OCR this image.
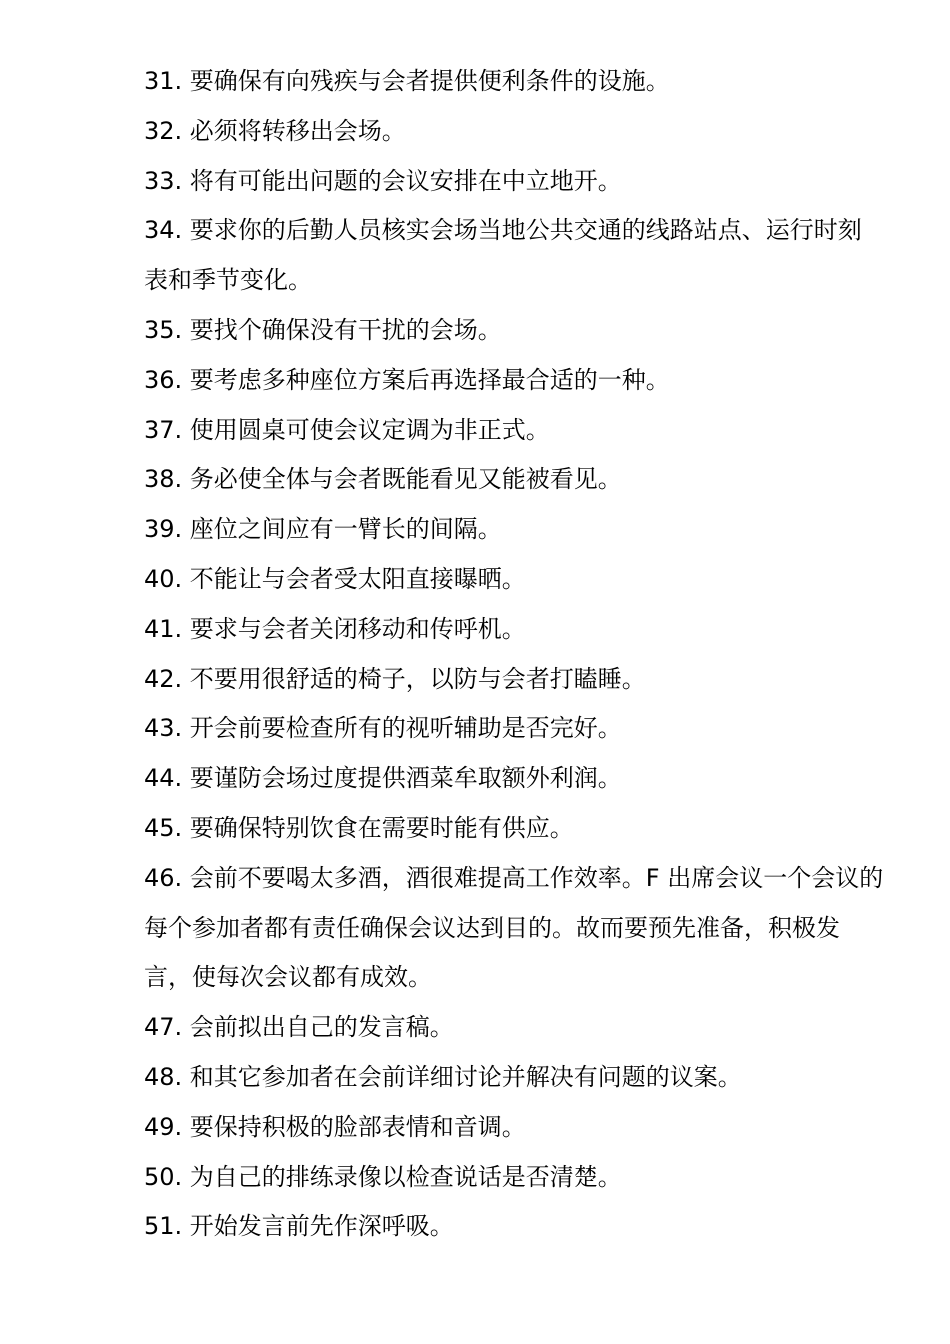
31. 要确保有向残疾与会者提供便利条件的设施。

32. 必须将转移出会场。

33. 将有可能出问题的会议安排在中立地开。

34. 要求你的后勤人员核实会场当地公共交通的线路站点、运行时刻表和季节变化。

35. 要找个确保没有干扰的会场。

36. 要考虑多种座位方案后再选择最合适的一种。

37. 使用圆桌可使会议定调为非正式。

38. 务必使全体与会者既能看见又能被看见。

39. 座位之间应有一臂长的间隔。

40. 不能让与会者受太阳直接曝晒。

41. 要求与会者关闭移动和传呼机。

42. 不要用很舒适的椅子，以防与会者打瞌睡。

43. 开会前要检查所有的视听辅助是否完好。

44. 要谨防会场过度提供酒菜牟取额外利润。

45. 要确保特别饮食在需要时能有供应。

46. 会前不要喝太多酒，酒很难提高工作效率。F 出席会议一个会议的每个参加者都有责任确保会议达到目的。故而要预先准备，积极发言，使每次会议都有成效。

47. 会前拟出自己的发言稿。

48. 和其它参加者在会前详细讨论并解决有问题的议案。

49. 要保持积极的脸部表情和音调。

50. 为自己的排练录像以检查说话是否清楚。

51. 开始发言前先作深呼吸。
